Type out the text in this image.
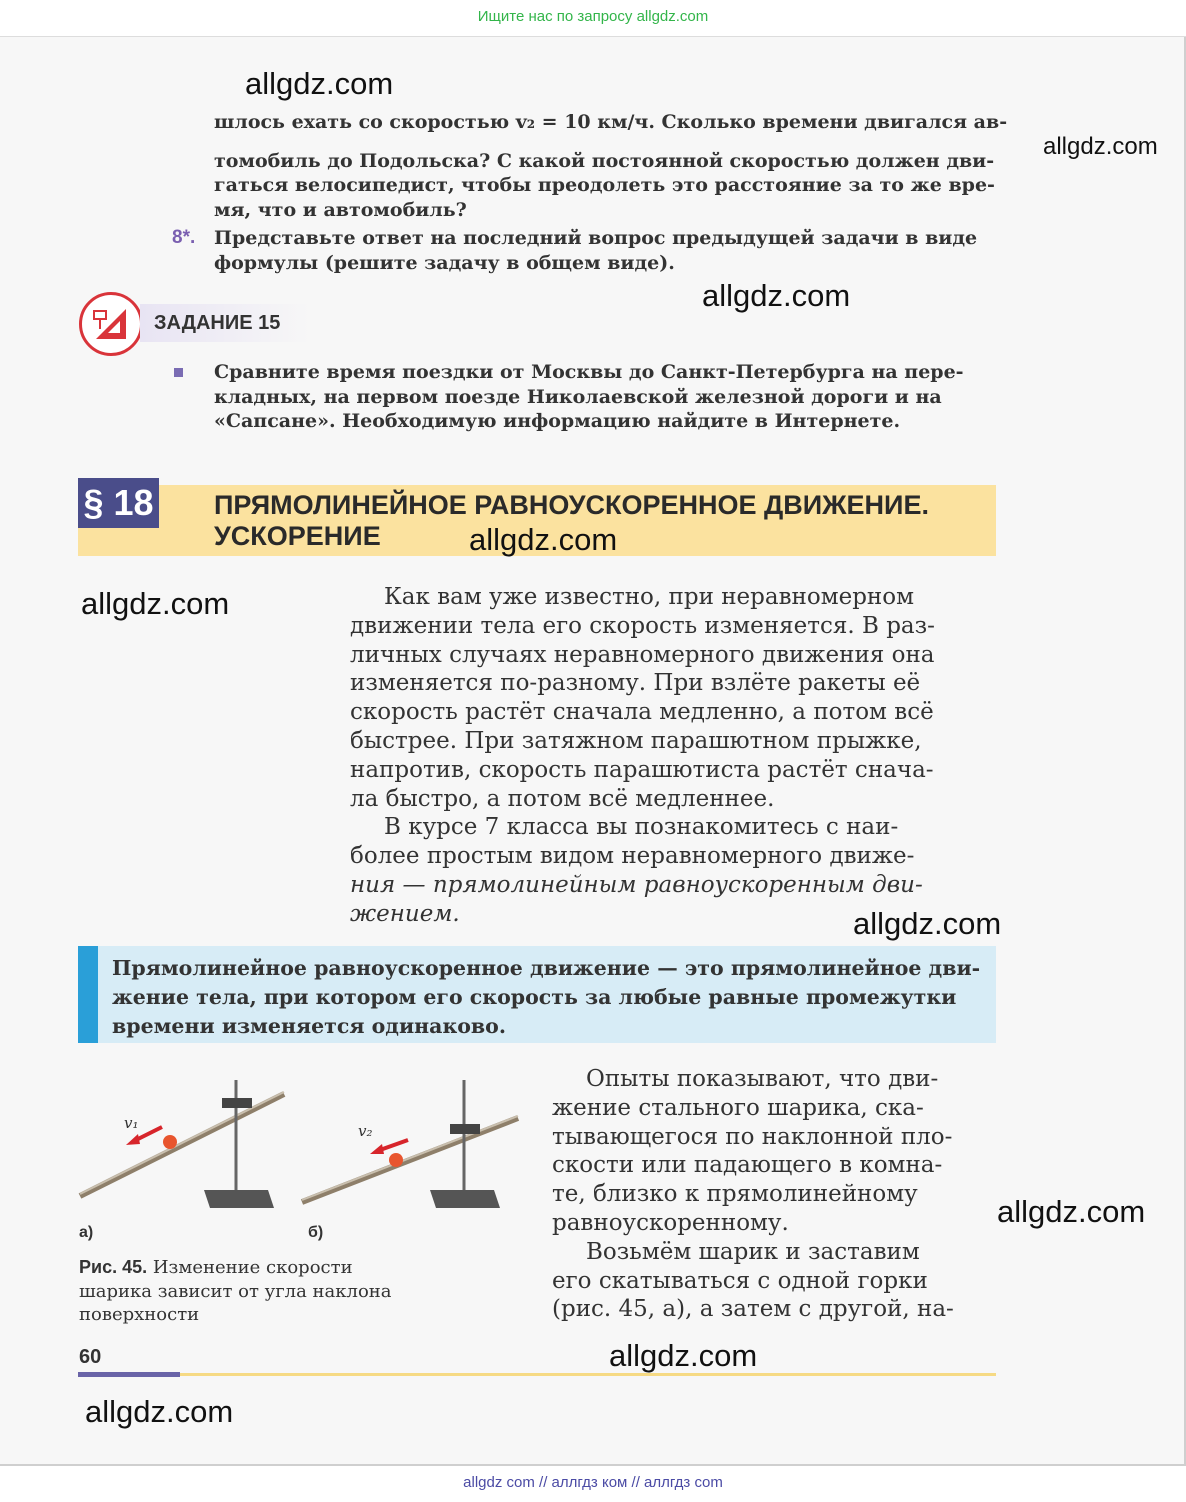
Ищите нас по запросу allgdz.com
шлось ехать со скоростью v₂ = 10 км/ч. Сколько времени двигался ав-
томобиль до Подольска? С какой постоянной скоростью должен дви-
гаться велосипедист, чтобы преодолеть это расстояние за то же вре-
мя, что и автомобиль?
8*. Представьте ответ на последний вопрос предыдущей задачи в виде
формулы (решите задачу в общем виде).
ЗАДАНИЕ 15
Сравните время поездки от Москвы до Санкт-Петербурга на пере-
кладных, на первом поезде Николаевской железной дороги и на
«Сапсане». Необходимую информацию найдите в Интернете.
§ 18 ПРЯМОЛИНЕЙНОЕ РАВНОУСКОРЕННОЕ ДВИЖЕНИЕ.
УСКОРЕНИЕ
Как вам уже известно, при неравномерном
движении тела его скорость изменяется. В раз-
личных случаях неравномерного движения она
изменяется по-разному. При взлёте ракеты её
скорость растёт сначала медленно, а потом всё
быстрее. При затяжном парашютном прыжке,
напротив, скорость парашютиста растёт снача-
ла быстро, а потом всё медленнее.
В курсе 7 класса вы познакомитесь с наи-
более простым видом неравномерного движе-
ния — прямолинейным равноускоренным дви-
жением.
Прямолинейное равноускоренное движение — это прямолинейное дви-
жение тела, при котором его скорость за любые равные промежутки
времени изменяется одинаково.
v₁	v₂
а)	б)
Рис. 45. Изменение скорости
шарика зависит от угла наклона
поверхности
Опыты показывают, что дви-
жение стального шарика, ска-
тывающегося по наклонной пло-
скости или падающего в комна-
те, близко к прямолинейному
равноускоренному.
Возьмём шарик и заставим
его скатываться с одной горки
(рис. 45, а), а затем с другой, на-
60
allgdz.com
allgdz.com
allgdz.com
allgdz.com
allgdz.com
allgdz.com
allgdz.com
allgdz.com
allgdz.com
allgdz com // аллгдз ком // аллгдз com
